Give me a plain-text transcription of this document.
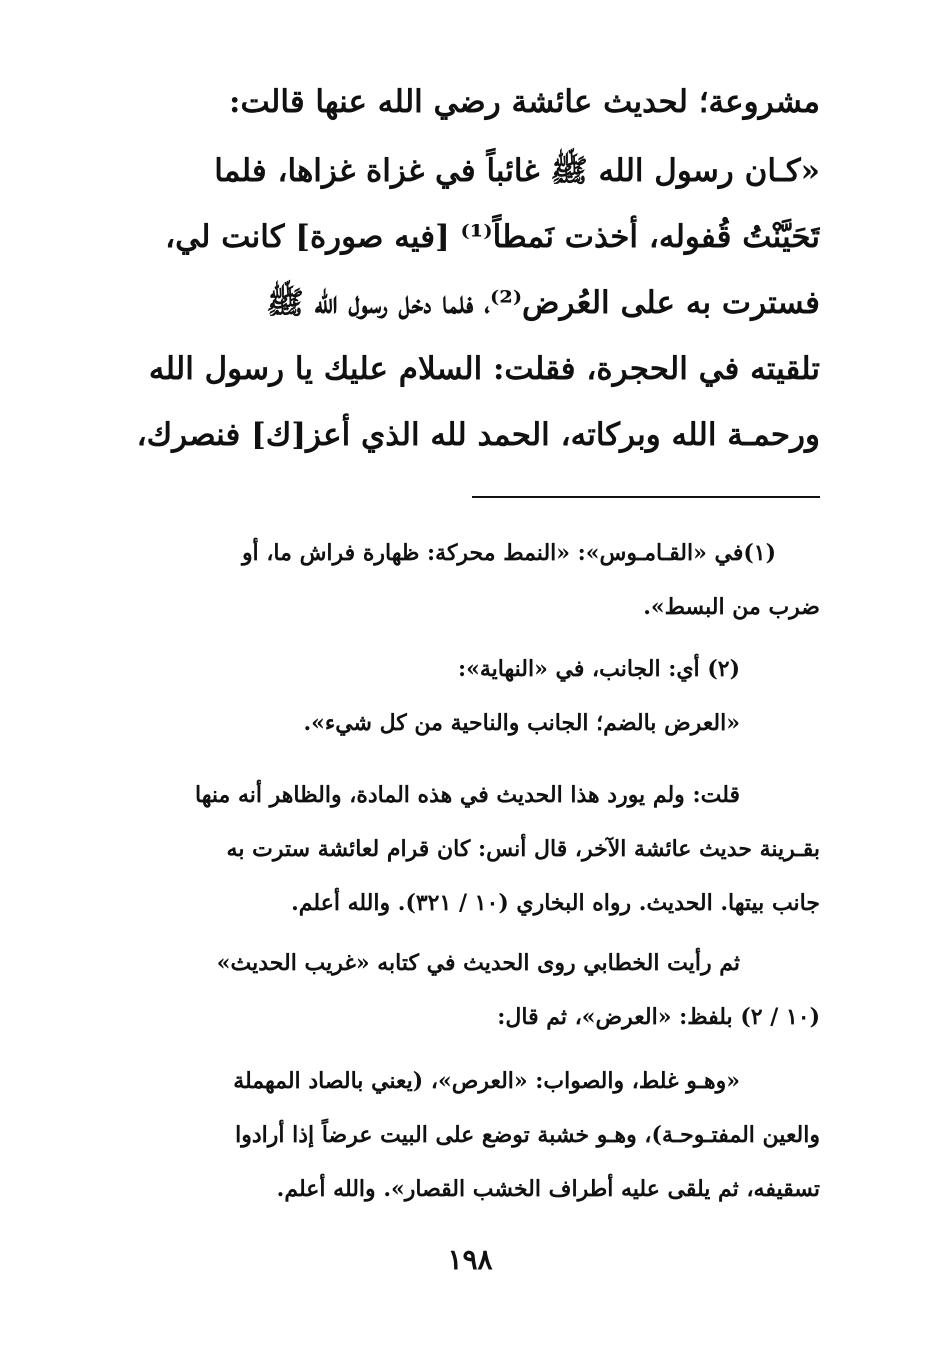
مشروعة؛ لحديث عائشة رضي الله عنها قالت:
«كـان رسول الله ﷺ غائباً في غزاة غزاها، فلما
تَحَيَّنْتُ قُفوله، أخذت نَمطاً⁽¹⁾ [فيه صورة] كانت لي،
فسترت به على العُرض⁽²⁾، فلما دخل رسول الله ﷺ
تلقيته في الحجرة، فقلت: السلام عليك يا رسول الله
ورحمـة الله وبركاته، الحمد لله الذي أعز[ك] فنصرك،
(١)في «القـامـوس»: «النمط محركة: ظهارة فراش ما، أو
ضرب من البسط».
(٢) أي: الجانب، في «النهاية»:
«العرض بالضم؛ الجانب والناحية من كل شيء».
قلت: ولم يورد هذا الحديث في هذه المادة، والظاهر أنه منها
بقـرينة حديث عائشة الآخر، قال أنس: كان قرام لعائشة سترت به
جانب بيتها. الحديث. رواه البخاري (١٠ / ٣٢١). والله أعلم.
ثم رأيت الخطابي روى الحديث في كتابه «غريب الحديث»
(١٠ / ٢) بلفظ: «العرض»، ثم قال:
«وهـو غلط، والصواب: «العرص»، (يعني بالصاد المهملة
والعين المفتـوحـة)، وهـو خشبة توضع على البيت عرضاً إذا أرادوا
تسقيفه، ثم يلقى عليه أطراف الخشب القصار». والله أعلم.
١٩٨
